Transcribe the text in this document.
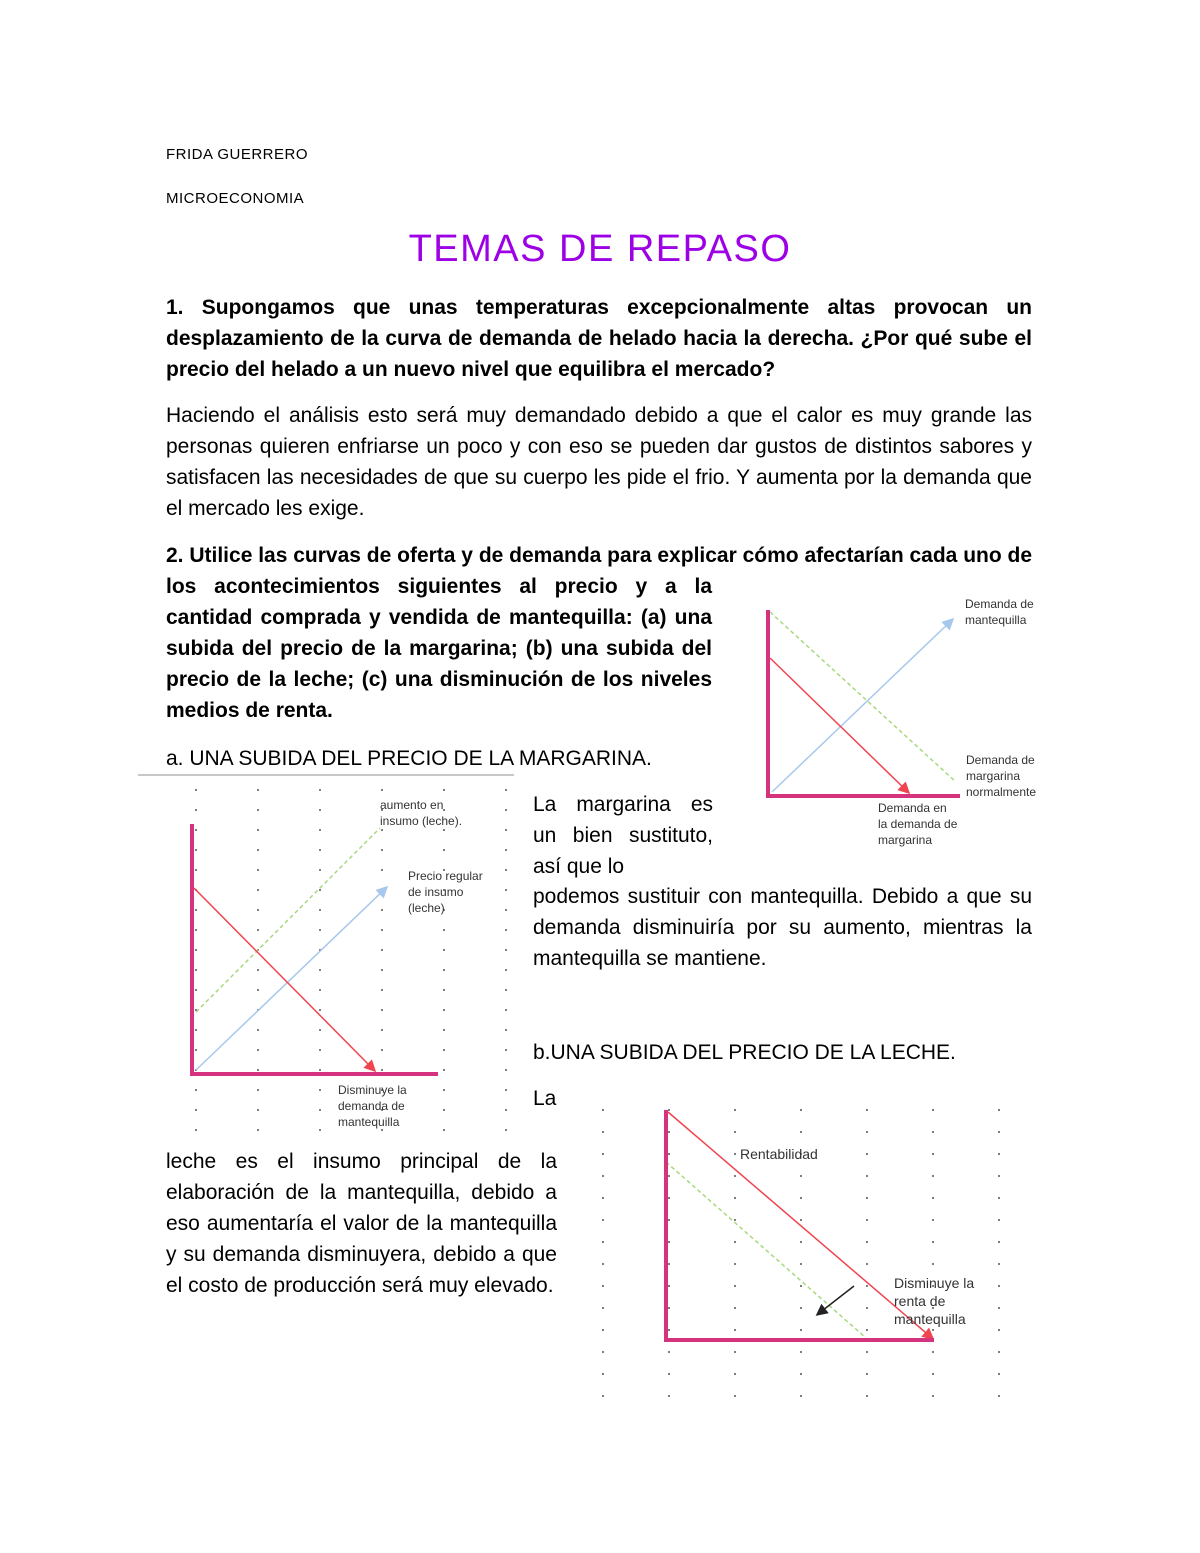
FRIDA GUERRERO
MICROECONOMIA
TEMAS DE REPASO
1. Supongamos que unas temperaturas excepcionalmente altas provocan un desplazamiento de la curva de demanda de helado hacia la derecha. ¿Por qué sube el precio del helado a un nuevo nivel que equilibra el mercado?
Haciendo el análisis esto será muy demandado debido a que el calor es muy grande las personas quieren enfriarse un poco y con eso se pueden dar gustos de distintos sabores y satisfacen las necesidades de que su cuerpo les pide el frio. Y aumenta por la demanda que el mercado les exige.
2. Utilice las curvas de oferta y de demanda para explicar cómo afectarían cada uno de
los acontecimientos siguientes al precio y a la cantidad comprada y vendida de mantequilla: (a) una subida del precio de la margarina; (b) una subida del precio de la leche; (c) una disminución de los niveles medios de renta.
Demanda de
mantequilla
Demanda de
margarina
normalmente
Demanda en
la demanda de
margarina
a. UNA SUBIDA DEL PRECIO DE LA MARGARINA.
La margarina es un bien sustituto, así que lo
podemos sustituir con mantequilla. Debido a que su demanda disminuiría por su aumento, mientras la mantequilla se mantiene.
aumento en
insumo (leche).
Precio regular
de insumo
(leche)
Disminuye la
demanda de
mantequilla
b.UNA SUBIDA DEL PRECIO DE LA LECHE.
La
leche es el insumo principal de la elaboración de la mantequilla, debido a eso aumentaría el valor de la mantequilla y su demanda disminuyera, debido a que el costo de producción será muy elevado.
Rentabilidad
Disminuye la
renta de
mantequilla
